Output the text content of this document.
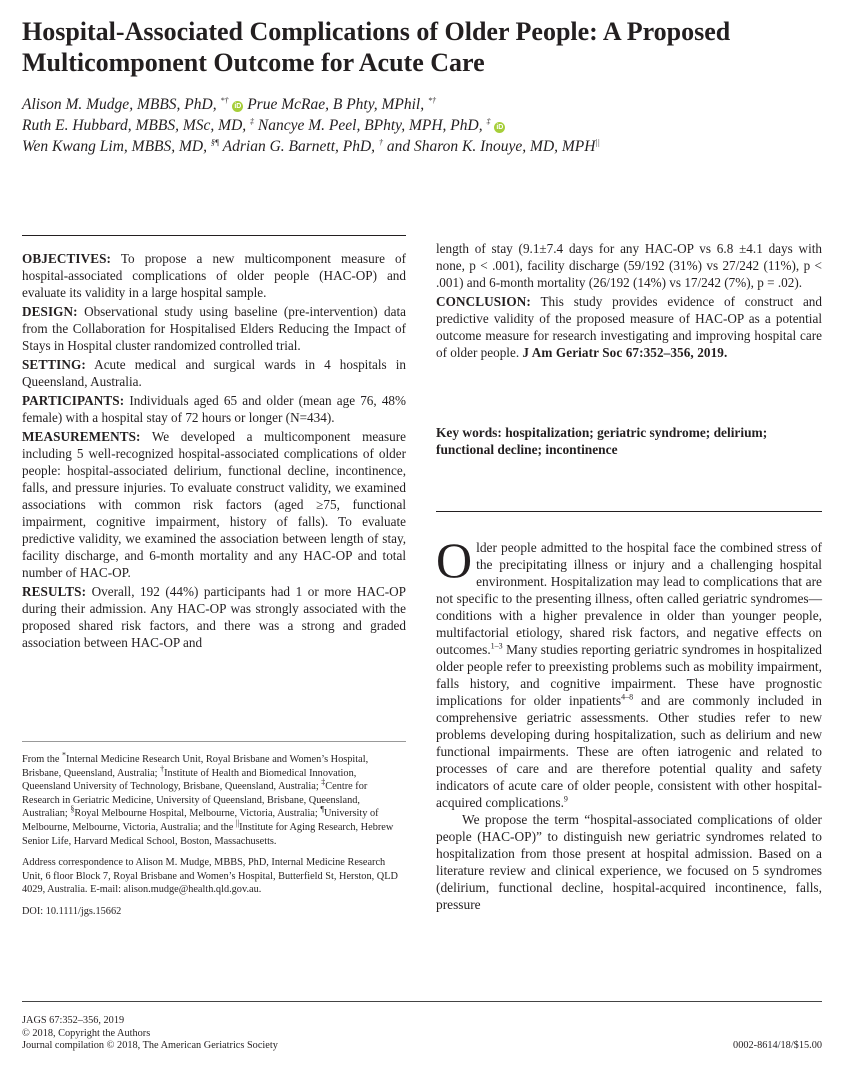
Hospital-Associated Complications of Older People: A Proposed Multicomponent Outcome for Acute Care
Alison M. Mudge, MBBS, PhD, *† iD Prue McRae, B Phty, MPhil, *†
Ruth E. Hubbard, MBBS, MSc, MD, ‡ Nancye M. Peel, BPhty, MPH, PhD, ‡ iD
Wen Kwang Lim, MBBS, MD, §¶ Adrian G. Barnett, PhD, † and Sharon K. Inouye, MD, MPH||

OBJECTIVES: To propose a new multicomponent measure of hospital-associated complications of older people (HAC-OP) and evaluate its validity in a large hospital sample.

DESIGN: Observational study using baseline (pre-intervention) data from the Collaboration for Hospitalised Elders Reducing the Impact of Stays in Hospital cluster randomized controlled trial.

SETTING: Acute medical and surgical wards in 4 hospitals in Queensland, Australia.

PARTICIPANTS: Individuals aged 65 and older (mean age 76, 48% female) with a hospital stay of 72 hours or longer (N=434).

MEASUREMENTS: We developed a multicomponent measure including 5 well-recognized hospital-associated complications of older people: hospital-associated delirium, functional decline, incontinence, falls, and pressure injuries. To evaluate construct validity, we examined associations with common risk factors (aged ≥75, functional impairment, cognitive impairment, history of falls). To evaluate predictive validity, we examined the association between length of stay, facility discharge, and 6-month mortality and any HAC-OP and total number of HAC-OP.

RESULTS: Overall, 192 (44%) participants had 1 or more HAC-OP during their admission. Any HAC-OP was strongly associated with the proposed shared risk factors, and there was a strong and graded association between HAC-OP and

length of stay (9.1±7.4 days for any HAC-OP vs 6.8 ±4.1 days with none, p < .001), facility discharge (59/192 (31%) vs 27/242 (11%), p < .001) and 6-month mortality (26/192 (14%) vs 17/242 (7%), p = .02).

CONCLUSION: This study provides evidence of construct and predictive validity of the proposed measure of HAC-OP as a potential outcome measure for research investigating and improving hospital care of older people. J Am Geriatr Soc 67:352–356, 2019.

Key words: hospitalization; geriatric syndrome; delirium; functional decline; incontinence

Older people admitted to the hospital face the combined stress of the precipitating illness or injury and a challenging hospital environment. Hospitalization may lead to complications that are not specific to the presenting illness, often called geriatric syndromes—conditions with a higher prevalence in older than younger people, multifactorial etiology, shared risk factors, and negative effects on outcomes.$^{1-3}$ Many studies reporting geriatric syndromes in hospitalized older people refer to preexisting problems such as mobility impairment, falls history, and cognitive impairment. These have prognostic implications for older inpatients$^{4-8}$ and are commonly included in comprehensive geriatric assessments. Other studies refer to new problems developing during hospitalization, such as delirium and new functional impairments. These are often iatrogenic and related to processes of care and are therefore potential quality and safety indicators of acute care of older people, consistent with other hospital-acquired complications.$^9$

We propose the term “hospital-associated complications of older people (HAC-OP)” to distinguish new geriatric syndromes related to hospitalization from those present at hospital admission. Based on a literature review and clinical experience, we focused on 5 syndromes (delirium, functional decline, hospital-acquired incontinence, falls, pressure

From the *Internal Medicine Research Unit, Royal Brisbane and Women’s Hospital, Brisbane, Queensland, Australia; †Institute of Health and Biomedical Innovation, Queensland University of Technology, Brisbane, Queensland, Australia; ‡Centre for Research in Geriatric Medicine, University of Queensland, Brisbane, Queensland, Australian; §Royal Melbourne Hospital, Melbourne, Victoria, Australia; ¶University of Melbourne, Melbourne, Victoria, Australia; and the ||Institute for Aging Research, Hebrew Senior Life, Harvard Medical School, Boston, Massachusetts.

Address correspondence to Alison M. Mudge, MBBS, PhD, Internal Medicine Research Unit, 6 floor Block 7, Royal Brisbane and Women’s Hospital, Butterfield St, Herston, QLD 4029, Australia. E-mail: alison.mudge@health.qld.gov.au.

DOI: 10.1111/jgs.15662

JAGS 67:352–356, 2019
© 2018, Copyright the Authors
Journal compilation © 2018, The American Geriatrics Society	0002-8614/18/$15.00
